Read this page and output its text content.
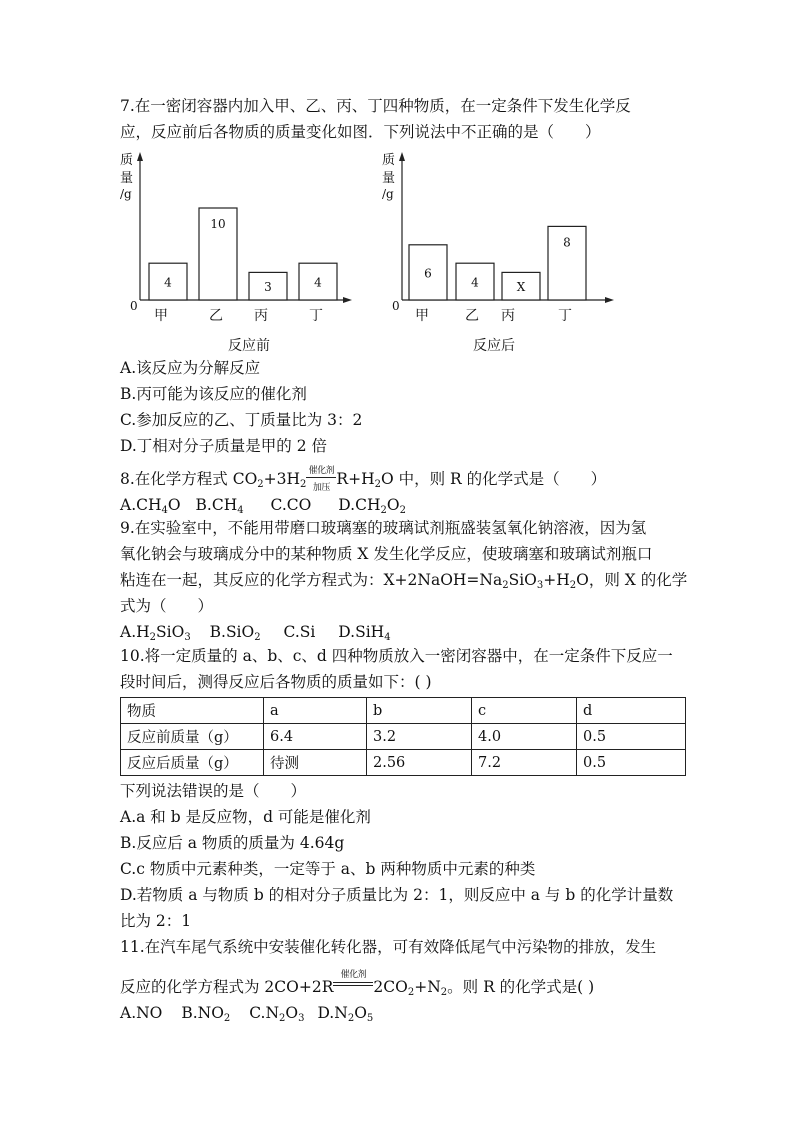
7.在一密闭容器内加入甲、乙、丙、丁四种物质，在一定条件下发生化学反
应，反应前后各物质的质量变化如图．下列说法中不正确的是（　　）
质
量
/g
0
4
甲
10
乙
3
丙
4
丁
反应前
质
量
/g
0
6
甲
4
乙
X
丙
8
丁
反应后
A.该反应为分解反应
B.丙可能为该反应的催化剂
C.参加反应的乙、丁质量比为 3：2
D.丁相对分子质量是甲的 2 倍
8.在化学方程式 $CO_2+3H_2$
催化剂
加压 $R+H_2O$ 中，则 R 的化学式是（　　）
$A.CH_4O$ $B.CH_4$ C.CO $D.CH_2O_2$
9.在实验室中，不能用带磨口玻璃塞的玻璃试剂瓶盛装氢氧化钠溶液，因为氢
氧化钠会与玻璃成分中的某种物质 X 发生化学反应，使玻璃塞和玻璃试剂瓶口
粘连在一起，其反应的化学方程式为：$X+2NaOH=Na_2SiO_3+H_2O$，则 X 的化学
式为（　　）
$A.H_2SiO_3$ B.SiO$_2$ C.Si D.SiH$_4$
10.将一定质量的 a、b、c、d 四种物质放入一密闭容器中，在一定条件下反应一
段时间后，测得反应后各物质的质量如下：( )
物质	a	b	c	d
反应前质量（g）	6.4	3.2	4.0	0.5
反应后质量（g）	待测	2.56	7.2	0.5
下列说法错误的是（　　）
A.a 和 b 是反应物，d 可能是催化剂
B.反应后 a 物质的质量为 4.64g
C.c 物质中元素种类，一定等于 a、b 两种物质中元素的种类
D.若物质 a 与物质 b 的相对分子质量比为 2：1，则反应中 a 与 b 的化学计量数
比为 2：1
11.在汽车尾气系统中安装催化转化器，可有效降低尾气中污染物的排放，发生
反应的化学方程式为 2CO+2R
催化剂
$2CO_2+N_2$。则 R 的化学式是( )
A.NO $B.NO_2$ $C.N_2O_3$ $D.N_2O_5$
